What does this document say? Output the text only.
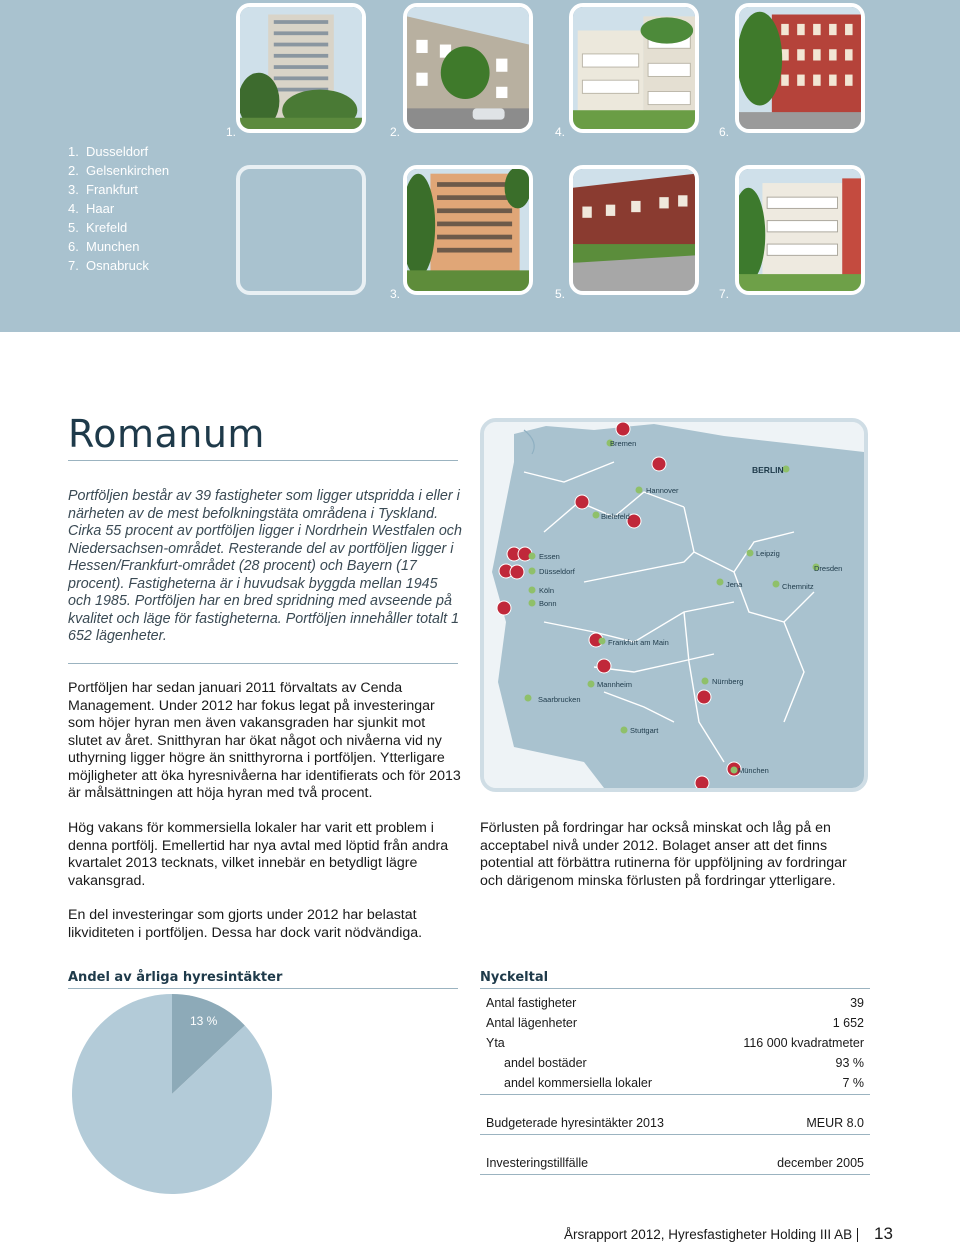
1.	2.	4.	6.
3.	5.	7.
1. Dusseldorf
2. Gelsenkirchen
3. Frankfurt
4. Haar
5. Krefeld
6. Munchen
7. Osnabruck
Romanum
Portföljen består av 39 fastigheter som ligger utspridda i eller i närheten av de mest befolkningstäta områdena i Tyskland. Cirka 55 procent av portföljen ligger i Nordrhein Westfalen och Niedersachsen-området. Resterande del av portföljen ligger i Hessen/Frankfurt-området (28 procent) och Bayern (17 procent). Fastigheterna är i huvudsak byggda mellan 1945 och 1985. Portföljen har en bred spridning med avseende på kvalitet och läge för fastigheterna. Portföljen innehåller totalt 1 652 lägenheter.
Portföljen har sedan januari 2011 förvaltats av Cenda Management. Under 2012 har fokus legat på investeringar som höjer hyran men även vakansgraden har sjunkit mot slutet av året. Snitthyran har ökat något och nivåerna vid ny uthyrning ligger högre än snitthyrorna i portföljen. Ytterligare möjligheter att öka hyresnivåerna har identifierats och för 2013 är målsättningen att höja hyran med två procent.
Hög vakans för kommersiella lokaler har varit ett problem i denna portfölj. Emellertid har nya avtal med löptid från andra kvartalet 2013 tecknats, vilket innebär en betydligt lägre vakansgrad.
En del investeringar som gjorts under 2012 har belastat likviditeten i portföljen. Dessa har dock varit nödvändiga.
Förlusten på fordringar har också minskat och låg på en acceptabel nivå under 2012. Bolaget anser att det finns potential att förbättra rutinerna för uppföljning av fordringar och därigenom minska förlusten på fordringar ytterligare.
Bremen
BERLIN
Hannover
Bielefeld
Essen
Düsseldorf
Köln
Bonn
Leipzig
Dresden
Jena	Chemnitz
Frankfurt am Main
Mannheim	Nürnberg
Saarbrucken
Stuttgart
München
Andel av årliga hyresintäkter
13 %
Nyckeltal
Antal fastigheter	39
Antal lägenheter	1 652
Yta	116 000 kvadratmeter
andel bostäder	93 %
andel kommersiella lokaler	7 %

Budgeterade hyresintäkter 2013	MEUR 8.0

Investeringstillfälle	december 2005
Årsrapport 2012, Hyresfastigheter Holding III AB 13
